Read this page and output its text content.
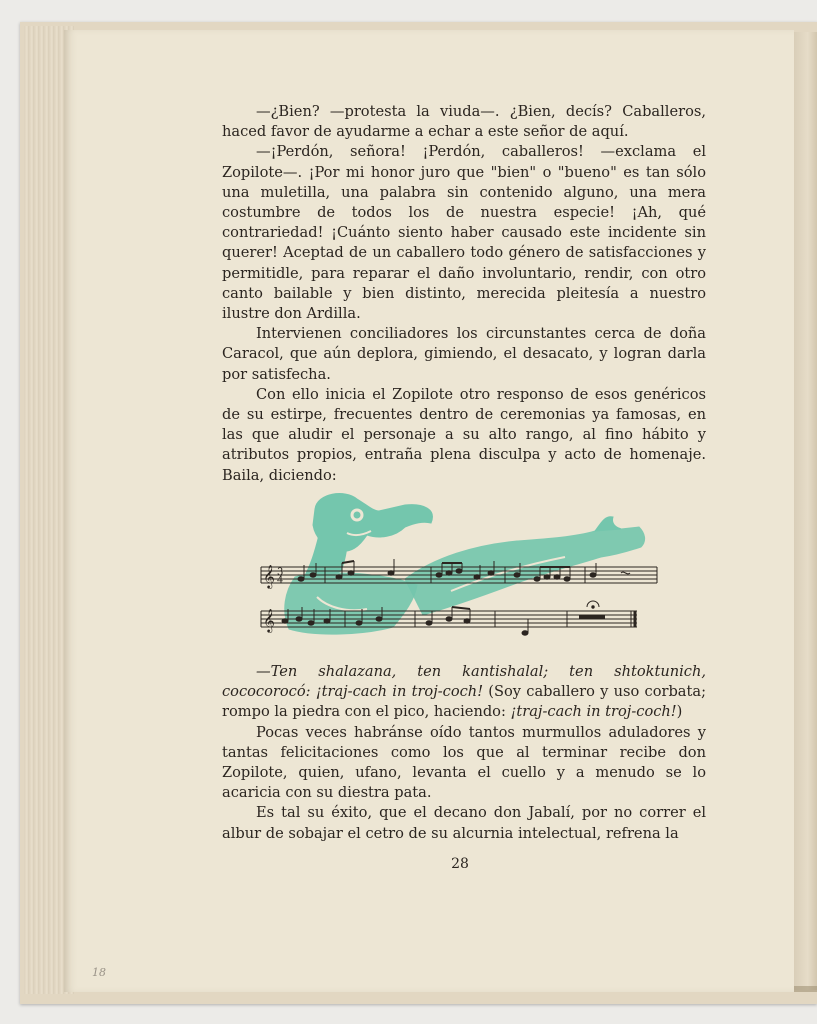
—¿Bien? —protesta la viuda—. ¿Bien, decís? Caballeros, haced favor de ayudarme a echar a este señor de aquí.

—¡Perdón, señora! ¡Perdón, caballeros! —exclama el Zopilote—. ¡Por mi honor juro que "bien" o "bueno" es tan sólo una muletilla, una palabra sin contenido alguno, una mera costumbre de todos los de nuestra especie! ¡Ah, qué contrariedad! ¡Cuánto siento haber causado este incidente sin querer! Aceptad de un caballero todo género de satisfacciones y permitidle, para reparar el daño involuntario, rendir, con otro canto bailable y bien distinto, merecida pleitesía a nuestro ilustre don Ardilla.

Intervienen conciliadores los circunstantes cerca de doña Caracol, que aún deplora, gimiendo, el desacato, y logran darla por satisfecha.

Con ello inicia el Zopilote otro responso de esos genéricos de su estirpe, frecuentes dentro de ceremonias ya famosas, en las que aludir el personaje a su alto rango, al fino hábito y atributos propios, entraña plena disculpa y acto de homenaje. Baila, diciendo:

𝄞 3
4
𝄞

—Ten shalazana, ten kantishalal; ten shtoktunich, cococorocó: ¡traj-cach in troj-coch! (Soy caballero y uso corbata; rompo la piedra con el pico, haciendo: ¡traj-cach in troj-coch!)

Pocas veces habránse oído tantos murmullos aduladores y tantas felicitaciones como los que al terminar recibe don Zopilote, quien, ufano, levanta el cuello y a menudo se lo acaricia con su diestra pata.

Es tal su éxito, que el decano don Jabalí, por no correr el albur de sobajar el cetro de su alcurnia intelectual, refrena la

28
18
